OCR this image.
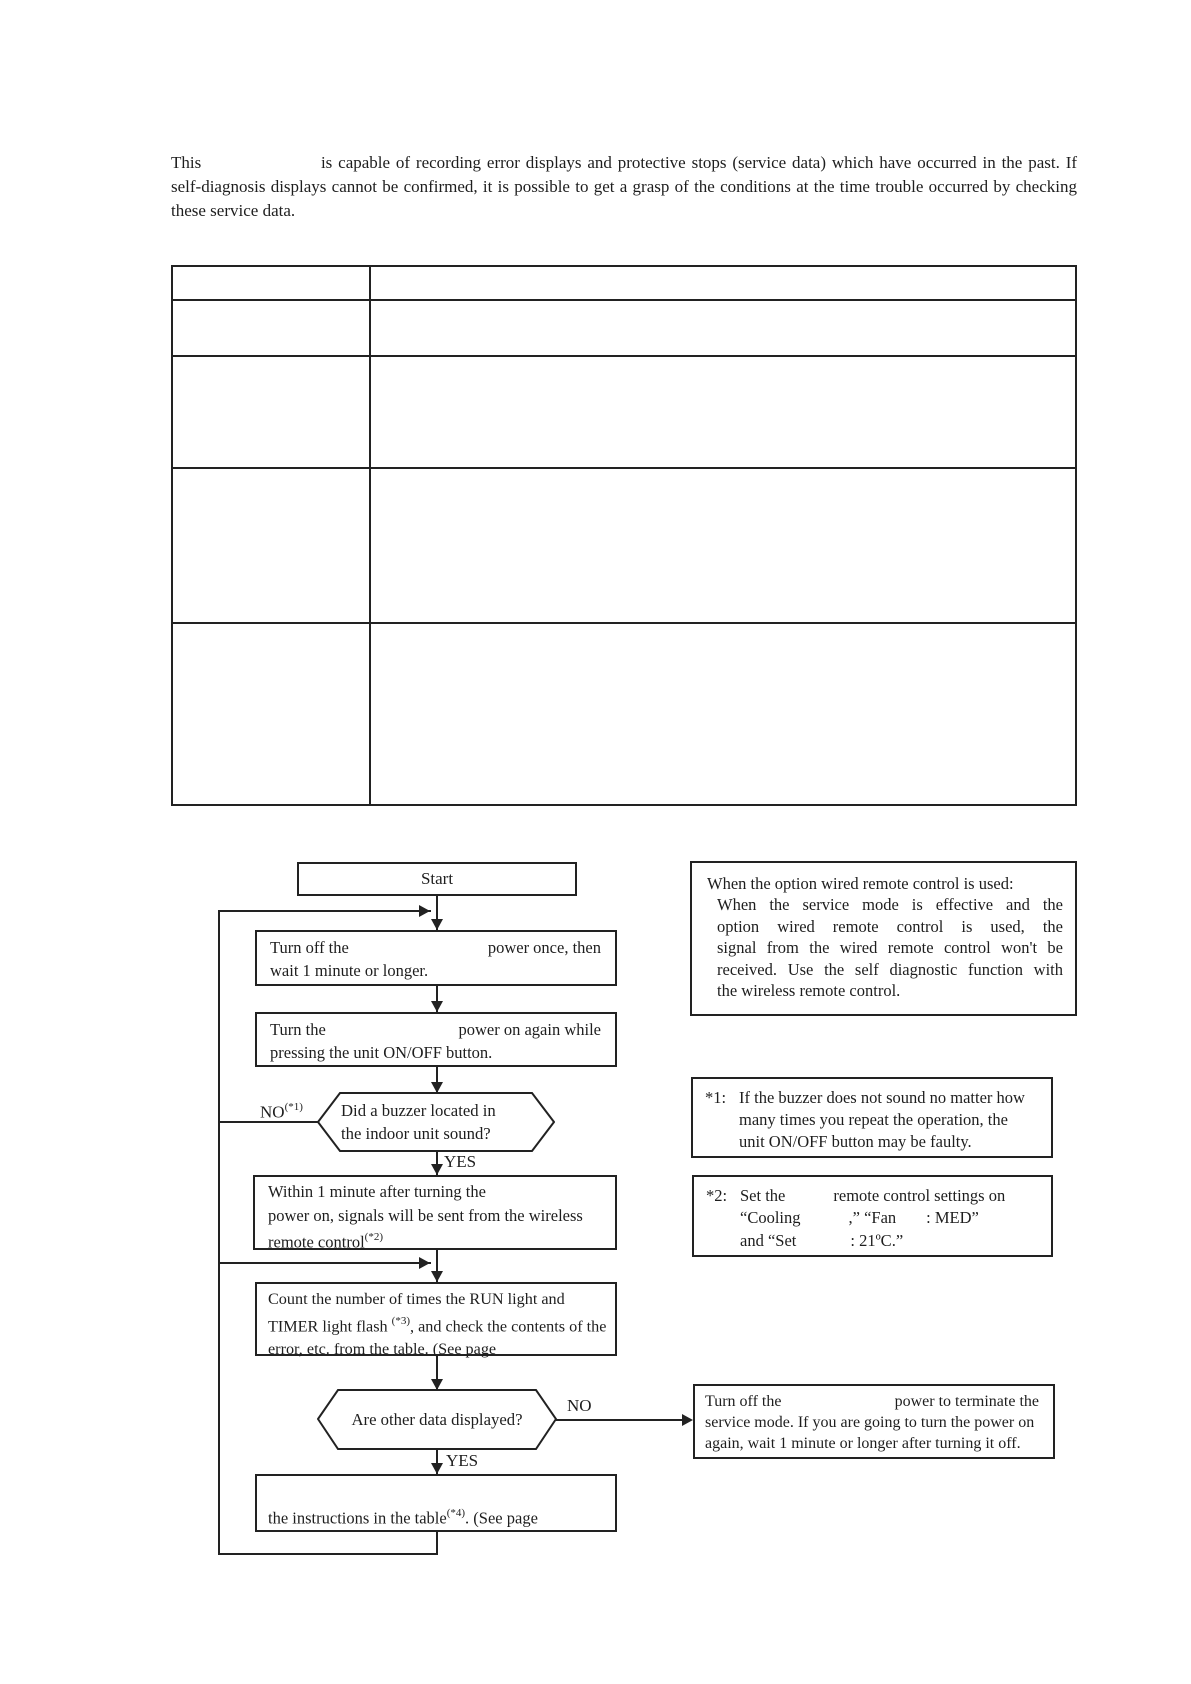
This	is capable of recording error displays and protective stops (service data) which have occurred in the past. If self-diagnosis displays cannot be confirmed, it is possible to get a grasp of the conditions at the time trouble occurred by checking these service data.

Start
Turn off the	power once, then
wait 1 minute or longer.
Turn the	power on again while
pressing the unit ON/OFF button.
Did a buzzer located in
the indoor unit sound?
$NO^{(*1)}$
YES
Within 1 minute after turning the
power on, signals will be sent from the wireless
remote control$^{(*2)}$
Count the number of times the RUN light and
TIMER light flash $^{(*3)}$, and check the contents of the
error, etc. from the table. (See page
Are other data displayed?
NO
YES
the instructions in the table$^{(*4)}$. (See page
When the option wired remote control is used:
When the service mode is effective and the
option wired remote control is used, the
signal from the wired remote control won't be
received. Use the self diagnostic function with
the wireless remote control.
*1: If the buzzer does not sound no matter how
many times you repeat the operation, the
unit ON/OFF button may be faulty.
*2: Set the	remote control settings on
“Cooling	,” “Fan : MED”
and “Set	: 21ºC.”
Turn off the	power to terminate the
service mode. If you are going to turn the power on
again, wait 1 minute or longer after turning it off.
